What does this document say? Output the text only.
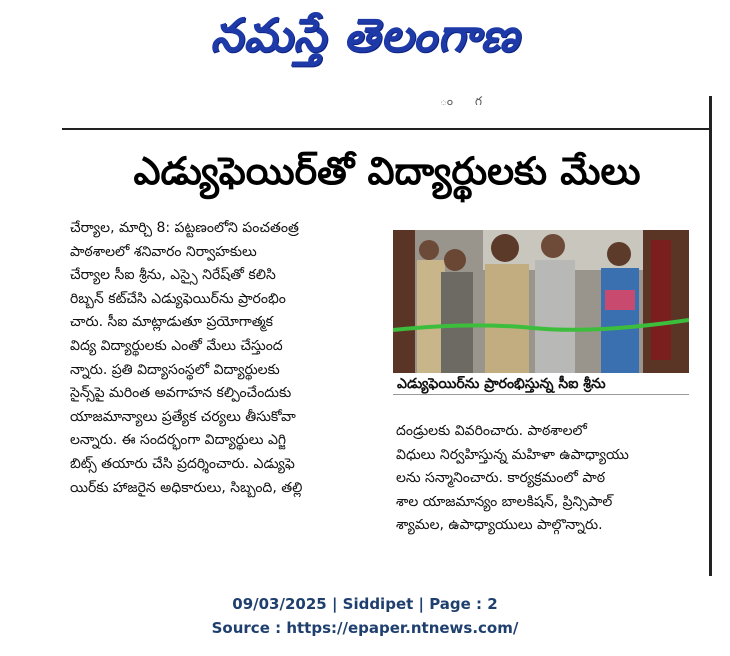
నమస్తే తెలంగాణ
ంగ
ఎడ్యుఫెయిర్‌తో విద్యార్థులకు మేలు
చేర్యాల, మార్చి 8: పట్టణంలోని పంచతంత్ర
పాఠశాలలో శనివారం నిర్వాహకులు
చేర్యాల సీఐ శ్రీను, ఎస్సై నిరేష్‌తో కలిసి
రిబ్బన్ కట్‌చేసి ఎడ్యుఫెయిర్‌ను ప్రారంభిం
చారు. సీఐ మాట్లాడుతూ ప్రయోగాత్మక
విద్య విద్యార్థులకు ఎంతో మేలు చేస్తుంద
న్నారు. ప్రతి విద్యాసంస్థలో విద్యార్థులకు
సైన్స్‌పై మరింత అవగాహన కల్పించేందుకు
యాజమాన్యాలు ప్రత్యేక చర్యలు తీసుకోవా
లన్నారు. ఈ సందర్భంగా విద్యార్థులు ఎగ్జి
బిట్స్ తయారు చేసి ప్రదర్శించారు. ఎడ్యుఫె
యిర్‌కు హాజరైన అధికారులు, సిబ్బంది, తల్లి
ఎడ్యుఫెయిర్‌ను ప్రారంభిస్తున్న సీఐ శ్రీను
దండ్రులకు వివరించారు. పాఠశాలలో
విధులు నిర్వహిస్తున్న మహిళా ఉపాధ్యాయు
లను సన్మానించారు. కార్యక్రమంలో పాఠ
శాల యాజమాన్యం బాలకిషన్, ప్రిన్సిపాల్
శ్యామల, ఉపాధ్యాయులు పాల్గొన్నారు.
09/03/2025 | Siddipet | Page : 2
Source : https://epaper.ntnews.com/
